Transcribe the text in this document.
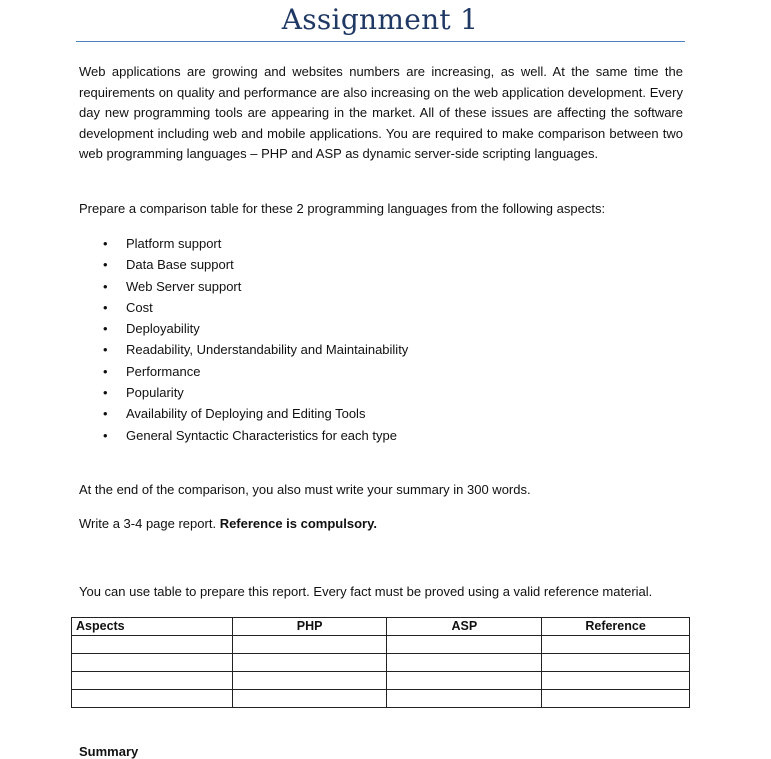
Assignment 1

Web applications are growing and websites numbers are increasing, as well. At the same time the requirements on quality and performance are also increasing on the web application development. Every day new programming tools are appearing in the market. All of these issues are affecting the software development including web and mobile applications. You are required to make comparison between two web programming languages – PHP and ASP as dynamic server-side scripting languages.

Prepare a comparison table for these 2 programming languages from the following aspects:

• Platform support
• Data Base support
• Web Server support
• Cost
• Deployability
• Readability, Understandability and Maintainability
• Performance
• Popularity
• Availability of Deploying and Editing Tools
• General Syntactic Characteristics for each type

At the end of the comparison, you also must write your summary in 300 words.

Write a 3-4 page report. Reference is compulsory.

You can use table to prepare this report. Every fact must be proved using a valid reference material.

Aspects	PHP	ASP	Reference

Summary
